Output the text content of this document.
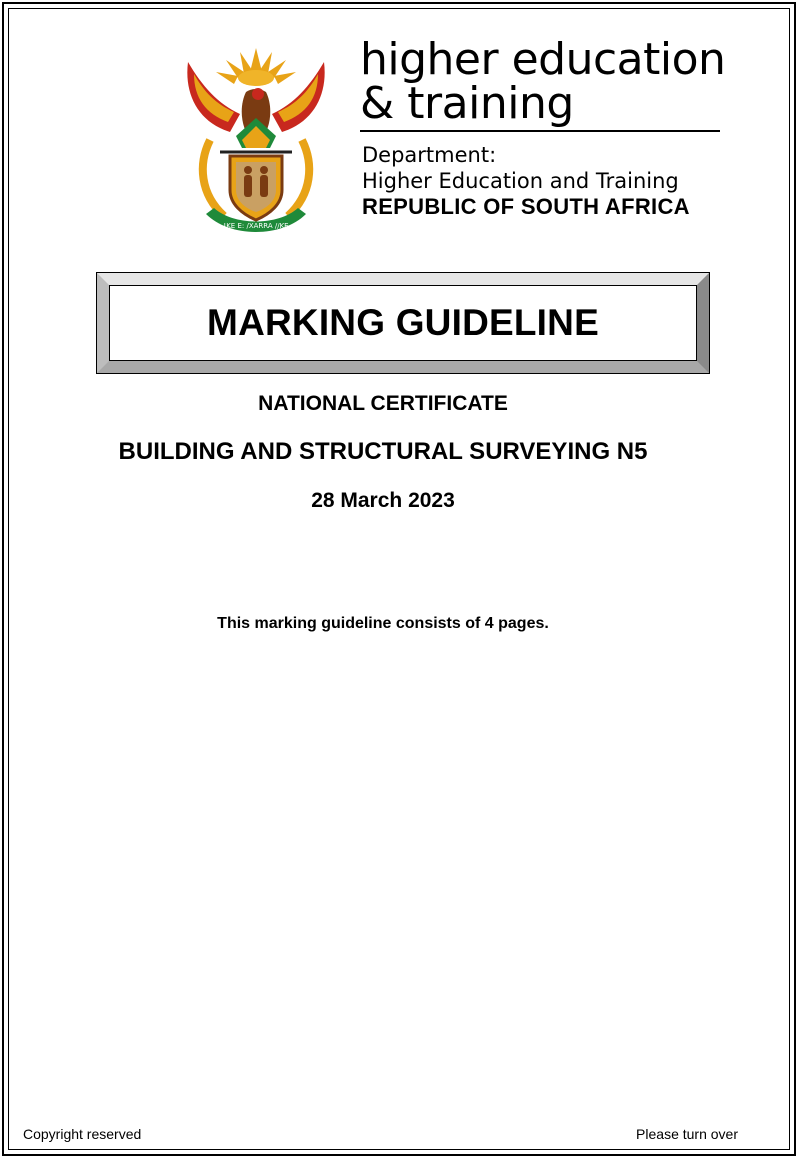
!KE E: /XARRA //KE
higher education
& training
Department:
Higher Education and Training
REPUBLIC OF SOUTH AFRICA
MARKING GUIDELINE
NATIONAL CERTIFICATE
BUILDING AND STRUCTURAL SURVEYING N5
28 March 2023
This marking guideline consists of 4 pages.
Copyright reserved	Please turn over
